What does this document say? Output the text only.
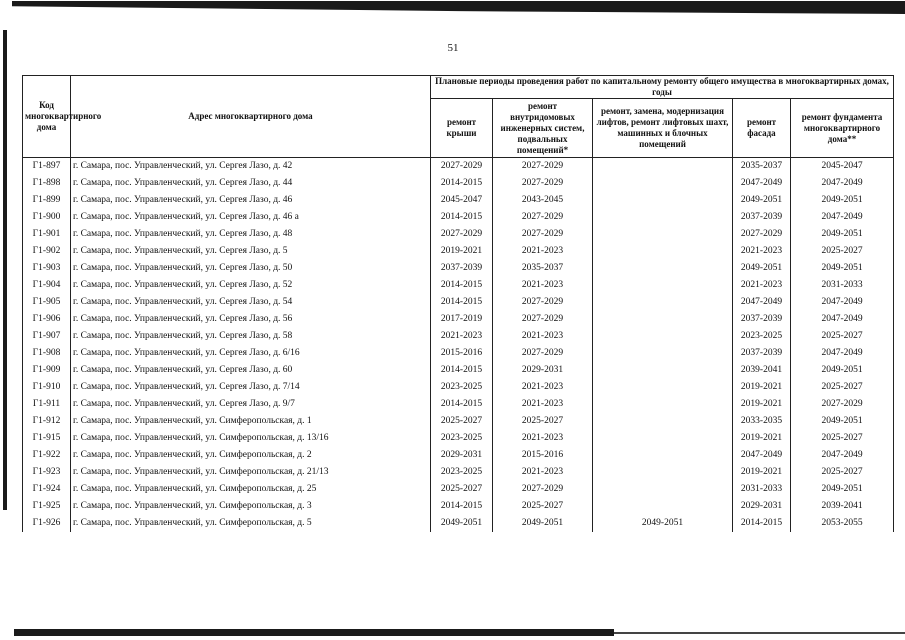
51
Код многоквартирного дома	Адрес многоквартирного дома	Плановые периоды проведения работ по капитальному ремонту общего имущества в многоквартирных домах, годы				
		ремонт крыши	ремонт внутридомовых инженерных систем, подвальных помещений*	ремонт, замена, модернизация лифтов, ремонт лифтовых шахт, машинных и блочных помещений	ремонт фасада	ремонт фундамента многоквартирного дома**
Г1-897	г. Самара, пос. Управленческий, ул. Сергея Лазо, д. 42	2027-2029	2027-2029		2035-2037	2045-2047
Г1-898	г. Самара, пос. Управленческий, ул. Сергея Лазо, д. 44	2014-2015	2027-2029		2047-2049	2047-2049
Г1-899	г. Самара, пос. Управленческий, ул. Сергея Лазо, д. 46	2045-2047	2043-2045		2049-2051	2049-2051
Г1-900	г. Самара, пос. Управленческий, ул. Сергея Лазо, д. 46 а	2014-2015	2027-2029		2037-2039	2047-2049
Г1-901	г. Самара, пос. Управленческий, ул. Сергея Лазо, д. 48	2027-2029	2027-2029		2027-2029	2049-2051
Г1-902	г. Самара, пос. Управленческий, ул. Сергея Лазо, д. 5	2019-2021	2021-2023		2021-2023	2025-2027
Г1-903	г. Самара, пос. Управленческий, ул. Сергея Лазо, д. 50	2037-2039	2035-2037		2049-2051	2049-2051
Г1-904	г. Самара, пос. Управленческий, ул. Сергея Лазо, д. 52	2014-2015	2021-2023		2021-2023	2031-2033
Г1-905	г. Самара, пос. Управленческий, ул. Сергея Лазо, д. 54	2014-2015	2027-2029		2047-2049	2047-2049
Г1-906	г. Самара, пос. Управленческий, ул. Сергея Лазо, д. 56	2017-2019	2027-2029		2037-2039	2047-2049
Г1-907	г. Самара, пос. Управленческий, ул. Сергея Лазо, д. 58	2021-2023	2021-2023		2023-2025	2025-2027
Г1-908	г. Самара, пос. Управленческий, ул. Сергея Лазо, д. 6/16	2015-2016	2027-2029		2037-2039	2047-2049
Г1-909	г. Самара, пос. Управленческий, ул. Сергея Лазо, д. 60	2014-2015	2029-2031		2039-2041	2049-2051
Г1-910	г. Самара, пос. Управленческий, ул. Сергея Лазо, д. 7/14	2023-2025	2021-2023		2019-2021	2025-2027
Г1-911	г. Самара, пос. Управленческий, ул. Сергея Лазо, д. 9/7	2014-2015	2021-2023		2019-2021	2027-2029
Г1-912	г. Самара, пос. Управленческий, ул. Симферопольская, д. 1	2025-2027	2025-2027		2033-2035	2049-2051
Г1-915	г. Самара, пос. Управленческий, ул. Симферопольская, д. 13/16	2023-2025	2021-2023		2019-2021	2025-2027
Г1-922	г. Самара, пос. Управленческий, ул. Симферопольская, д. 2	2029-2031	2015-2016		2047-2049	2047-2049
Г1-923	г. Самара, пос. Управленческий, ул. Симферопольская, д. 21/13	2023-2025	2021-2023		2019-2021	2025-2027
Г1-924	г. Самара, пос. Управленческий, ул. Симферопольская, д. 25	2025-2027	2027-2029		2031-2033	2049-2051
Г1-925	г. Самара, пос. Управленческий, ул. Симферопольская, д. 3	2014-2015	2025-2027		2029-2031	2039-2041
Г1-926	г. Самара, пос. Управленческий, ул. Симферопольская, д. 5	2049-2051	2049-2051	2049-2051	2014-2015	2053-2055
